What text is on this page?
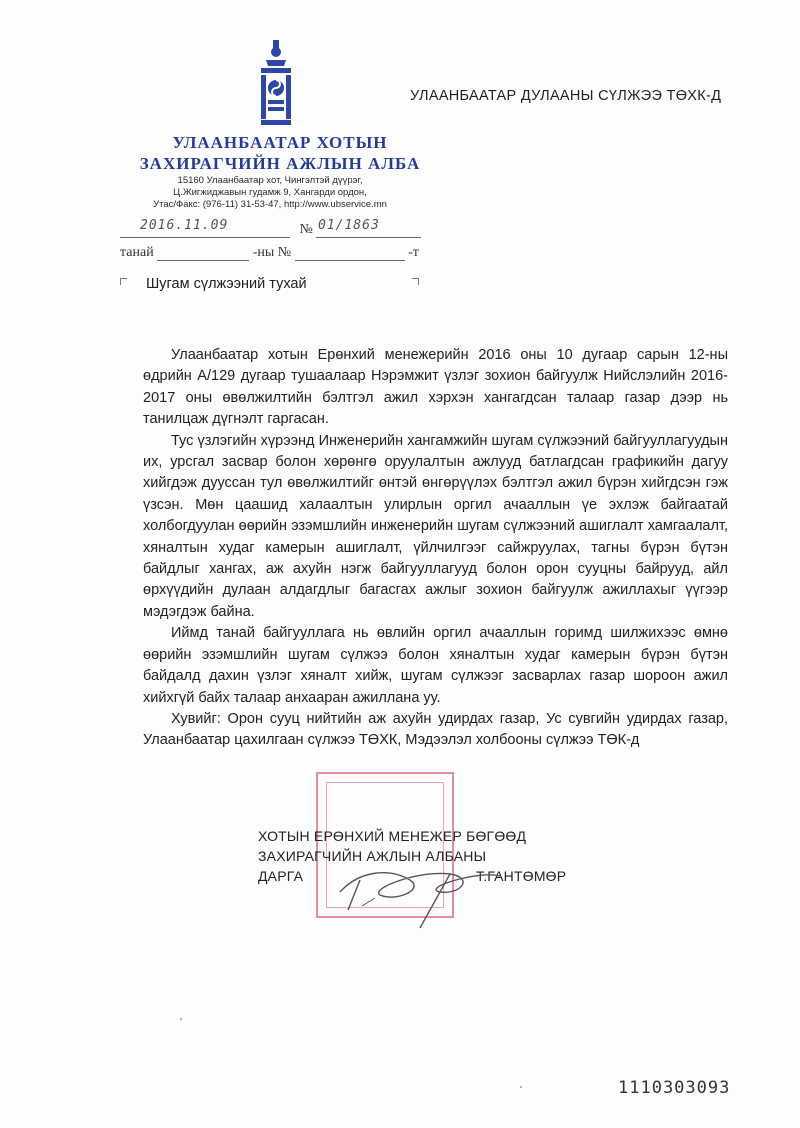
УЛААНБААТАР ХОТЫН
ЗАХИРАГЧИЙН АЖЛЫН АЛБА
15160 Улаанбаатар хот, Чингэлтэй дүүрэг,
Ц.Жигжиджавын гудамж 9, Хангарди ордон,
Утас/Факс: (976-11) 31-53-47, http://www.ubservice.mn
№
2016.11.09	01/1863
танай	-ны №	-т
УЛААНБААТАР ДУЛААНЫ СҮЛЖЭЭ ТӨХК-Д
Шугам сүлжээний тухай

Улаанбаатар хотын Ерөнхий менежерийн 2016 оны 10 дугаар сарын 12-ны өдрийн А/129 дугаар тушаалаар Нэрэмжит үзлэг зохион байгуулж Нийслэлийн 2016-2017 оны өвөлжилтийн бэлтгэл ажил хэрхэн хангагдсан талаар газар дээр нь танилцаж дүгнэлт гаргасан.

Тус үзлэгийн хүрээнд Инженерийн хангамжийн шугам сүлжээний байгууллагуудын их, урсгал засвар болон хөрөнгө оруулалтын ажлууд батлагдсан графикийн дагуу хийгдэж дууссан тул өвөлжилтийг өнтэй өнгөрүүлэх бэлтгэл ажил бүрэн хийгдсэн гэж үзсэн. Мөн цаашид халаалтын улирлын оргил ачааллын үе эхлэж байгаатай холбогдуулан өөрийн эзэмшлийн инженерийн шугам сүлжээний ашиглалт хамгаалалт, хяналтын худаг камерын ашиглалт, үйлчилгээг сайжруулах, тагны бүрэн бүтэн байдлыг хангах, аж ахуйн нэгж байгууллагууд болон орон сууцны байрууд, айл өрхүүдийн дулаан алдагдлыг багасгах ажлыг зохион байгуулж ажиллахыг үүгээр мэдэгдэж байна.

Иймд танай байгууллага нь өвлийн оргил ачааллын горимд шилжихээс өмнө өөрийн эзэмшлийн шугам сүлжээ болон хяналтын худаг камерын бүрэн бүтэн байдалд дахин үзлэг хяналт хийж, шугам сүлжээг засварлах газар шороон ажил хийхгүй байх талаар анхааран ажиллана уу.

Хувийг: Орон сууц нийтийн аж ахуйн удирдах газар, Ус сувгийн удирдах газар, Улаанбаатар цахилгаан сүлжээ ТӨХК, Мэдээлэл холбооны сүлжээ ТӨК-д

ХОТЫН ЕРӨНХИЙ МЕНЕЖЕР БӨГӨӨД
ЗАХИРАГЧИЙН АЖЛЫН АЛБАНЫ
ДАРГА	Т.ГАНТӨМӨР
1110303093
